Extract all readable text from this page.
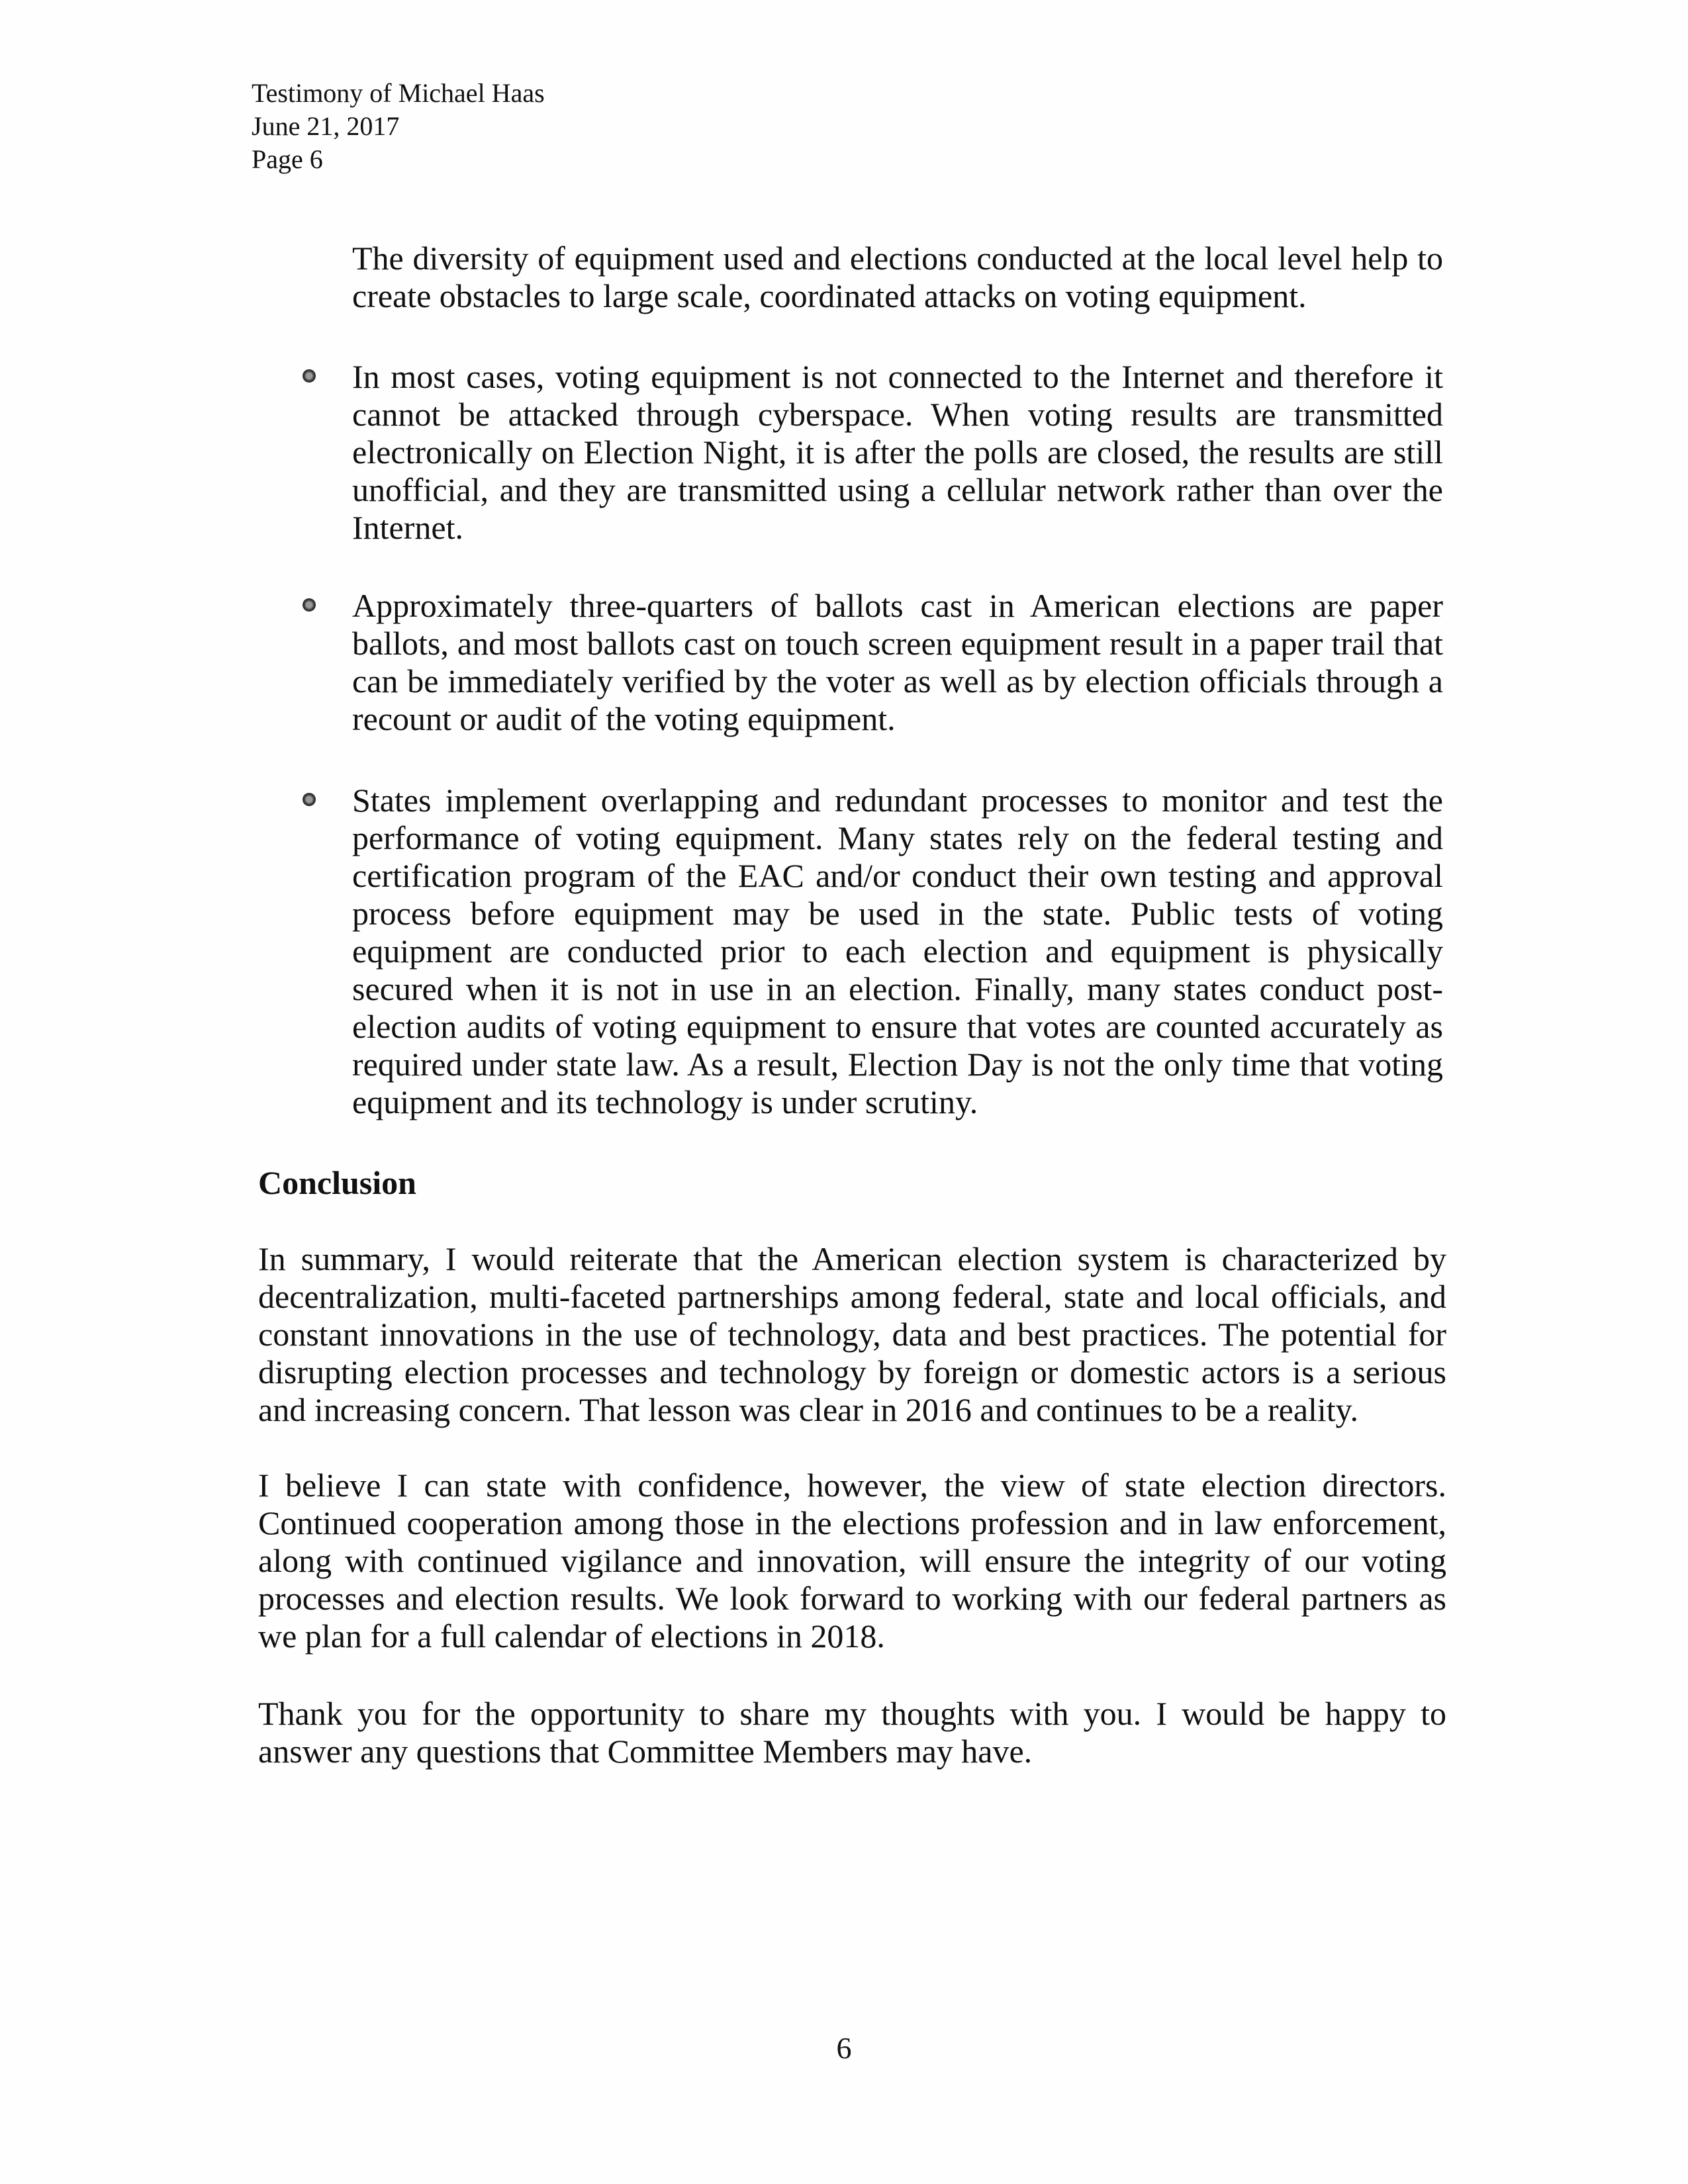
Testimony of Michael Haas
June 21, 2017
Page 6
The diversity of equipment used and elections conducted at the local level help to
create obstacles to large scale, coordinated attacks on voting equipment.
In most cases, voting equipment is not connected to the Internet and therefore it
cannot be attacked through cyberspace. When voting results are transmitted
electronically on Election Night, it is after the polls are closed, the results are still
unofficial, and they are transmitted using a cellular network rather than over the
Internet.
Approximately three-quarters of ballots cast in American elections are paper
ballots, and most ballots cast on touch screen equipment result in a paper trail that
can be immediately verified by the voter as well as by election officials through a
recount or audit of the voting equipment.
States implement overlapping and redundant processes to monitor and test the
performance of voting equipment. Many states rely on the federal testing and
certification program of the EAC and/or conduct their own testing and approval
process before equipment may be used in the state. Public tests of voting
equipment are conducted prior to each election and equipment is physically
secured when it is not in use in an election. Finally, many states conduct post-
election audits of voting equipment to ensure that votes are counted accurately as
required under state law. As a result, Election Day is not the only time that voting
equipment and its technology is under scrutiny.
Conclusion
In summary, I would reiterate that the American election system is characterized by
decentralization, multi-faceted partnerships among federal, state and local officials, and
constant innovations in the use of technology, data and best practices. The potential for
disrupting election processes and technology by foreign or domestic actors is a serious
and increasing concern. That lesson was clear in 2016 and continues to be a reality.
I believe I can state with confidence, however, the view of state election directors.
Continued cooperation among those in the elections profession and in law enforcement,
along with continued vigilance and innovation, will ensure the integrity of our voting
processes and election results. We look forward to working with our federal partners as
we plan for a full calendar of elections in 2018.
Thank you for the opportunity to share my thoughts with you. I would be happy to
answer any questions that Committee Members may have.
6
